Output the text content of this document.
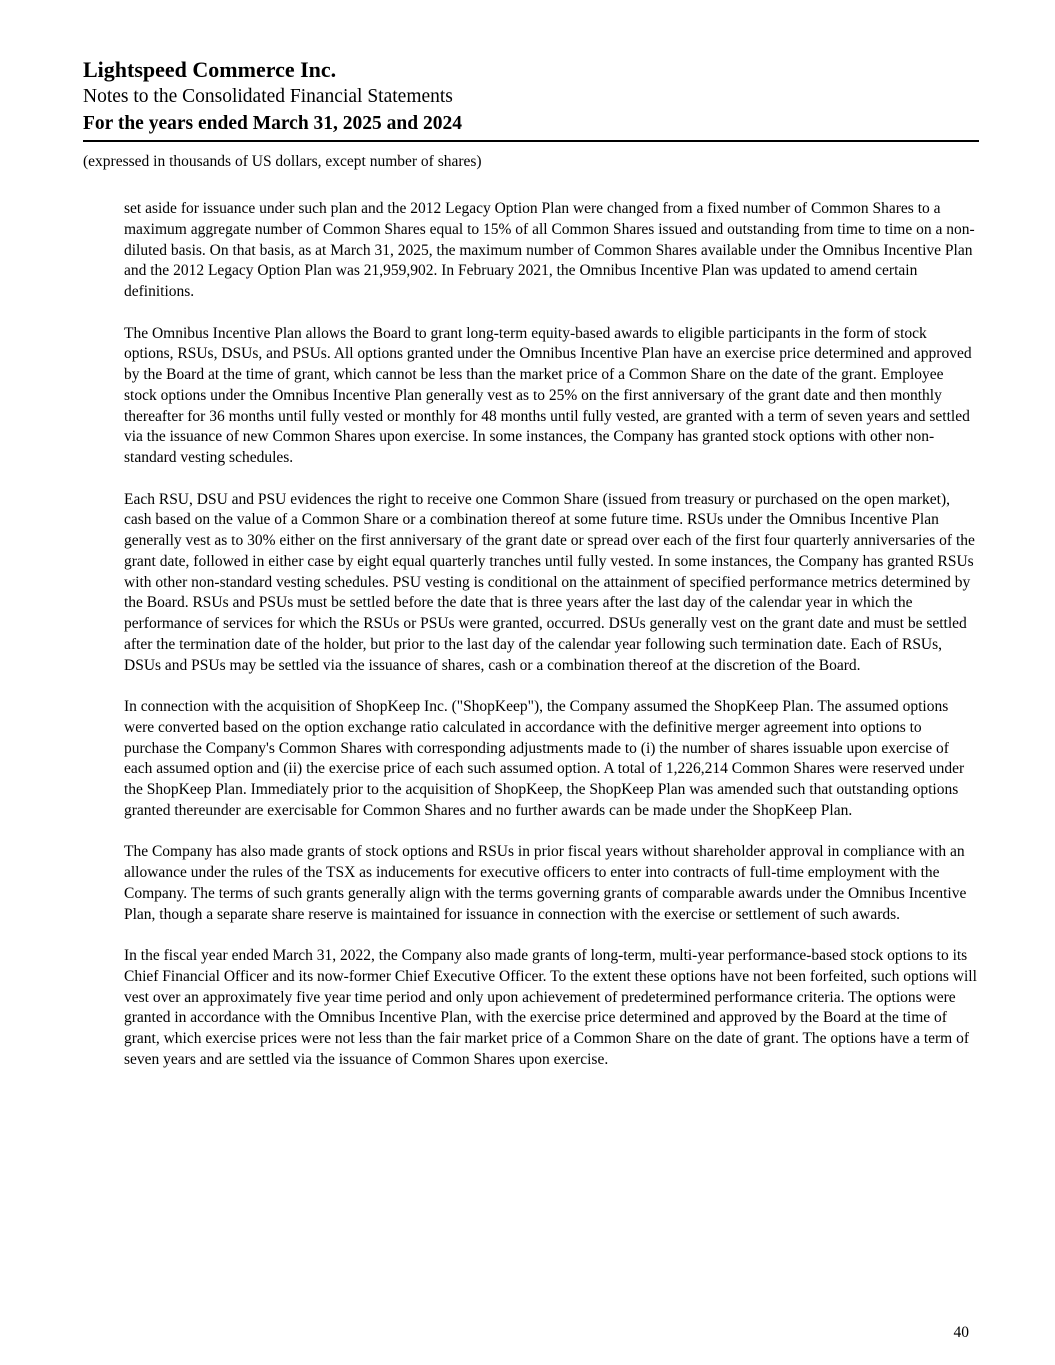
Lightspeed Commerce Inc.
Notes to the Consolidated Financial Statements
For the years ended March 31, 2025 and 2024
(expressed in thousands of US dollars, except number of shares)

set aside for issuance under such plan and the 2012 Legacy Option Plan were changed from a fixed number of Common Shares to a maximum aggregate number of Common Shares equal to 15% of all Common Shares issued and outstanding from time to time on a non-diluted basis. On that basis, as at March 31, 2025, the maximum number of Common Shares available under the Omnibus Incentive Plan and the 2012 Legacy Option Plan was 21,959,902. In February 2021, the Omnibus Incentive Plan was updated to amend certain definitions.

The Omnibus Incentive Plan allows the Board to grant long-term equity-based awards to eligible participants in the form of stock options, RSUs, DSUs, and PSUs. All options granted under the Omnibus Incentive Plan have an exercise price determined and approved by the Board at the time of grant, which cannot be less than the market price of a Common Share on the date of the grant. Employee stock options under the Omnibus Incentive Plan generally vest as to 25% on the first anniversary of the grant date and then monthly thereafter for 36 months until fully vested or monthly for 48 months until fully vested, are granted with a term of seven years and settled via the issuance of new Common Shares upon exercise. In some instances, the Company has granted stock options with other non-standard vesting schedules.

Each RSU, DSU and PSU evidences the right to receive one Common Share (issued from treasury or purchased on the open market), cash based on the value of a Common Share or a combination thereof at some future time. RSUs under the Omnibus Incentive Plan generally vest as to 30% either on the first anniversary of the grant date or spread over each of the first four quarterly anniversaries of the grant date, followed in either case by eight equal quarterly tranches until fully vested. In some instances, the Company has granted RSUs with other non-standard vesting schedules. PSU vesting is conditional on the attainment of specified performance metrics determined by the Board. RSUs and PSUs must be settled before the date that is three years after the last day of the calendar year in which the performance of services for which the RSUs or PSUs were granted, occurred. DSUs generally vest on the grant date and must be settled after the termination date of the holder, but prior to the last day of the calendar year following such termination date. Each of RSUs, DSUs and PSUs may be settled via the issuance of shares, cash or a combination thereof at the discretion of the Board.

In connection with the acquisition of ShopKeep Inc. ("ShopKeep"), the Company assumed the ShopKeep Plan. The assumed options were converted based on the option exchange ratio calculated in accordance with the definitive merger agreement into options to purchase the Company's Common Shares with corresponding adjustments made to (i) the number of shares issuable upon exercise of each assumed option and (ii) the exercise price of each such assumed option. A total of 1,226,214 Common Shares were reserved under the ShopKeep Plan. Immediately prior to the acquisition of ShopKeep, the ShopKeep Plan was amended such that outstanding options granted thereunder are exercisable for Common Shares and no further awards can be made under the ShopKeep Plan.

The Company has also made grants of stock options and RSUs in prior fiscal years without shareholder approval in compliance with an allowance under the rules of the TSX as inducements for executive officers to enter into contracts of full-time employment with the Company. The terms of such grants generally align with the terms governing grants of comparable awards under the Omnibus Incentive Plan, though a separate share reserve is maintained for issuance in connection with the exercise or settlement of such awards.

In the fiscal year ended March 31, 2022, the Company also made grants of long-term, multi-year performance-based stock options to its Chief Financial Officer and its now-former Chief Executive Officer. To the extent these options have not been forfeited, such options will vest over an approximately five year time period and only upon achievement of predetermined performance criteria. The options were granted in accordance with the Omnibus Incentive Plan, with the exercise price determined and approved by the Board at the time of grant, which exercise prices were not less than the fair market price of a Common Share on the date of grant. The options have a term of seven years and are settled via the issuance of Common Shares upon exercise.

40
